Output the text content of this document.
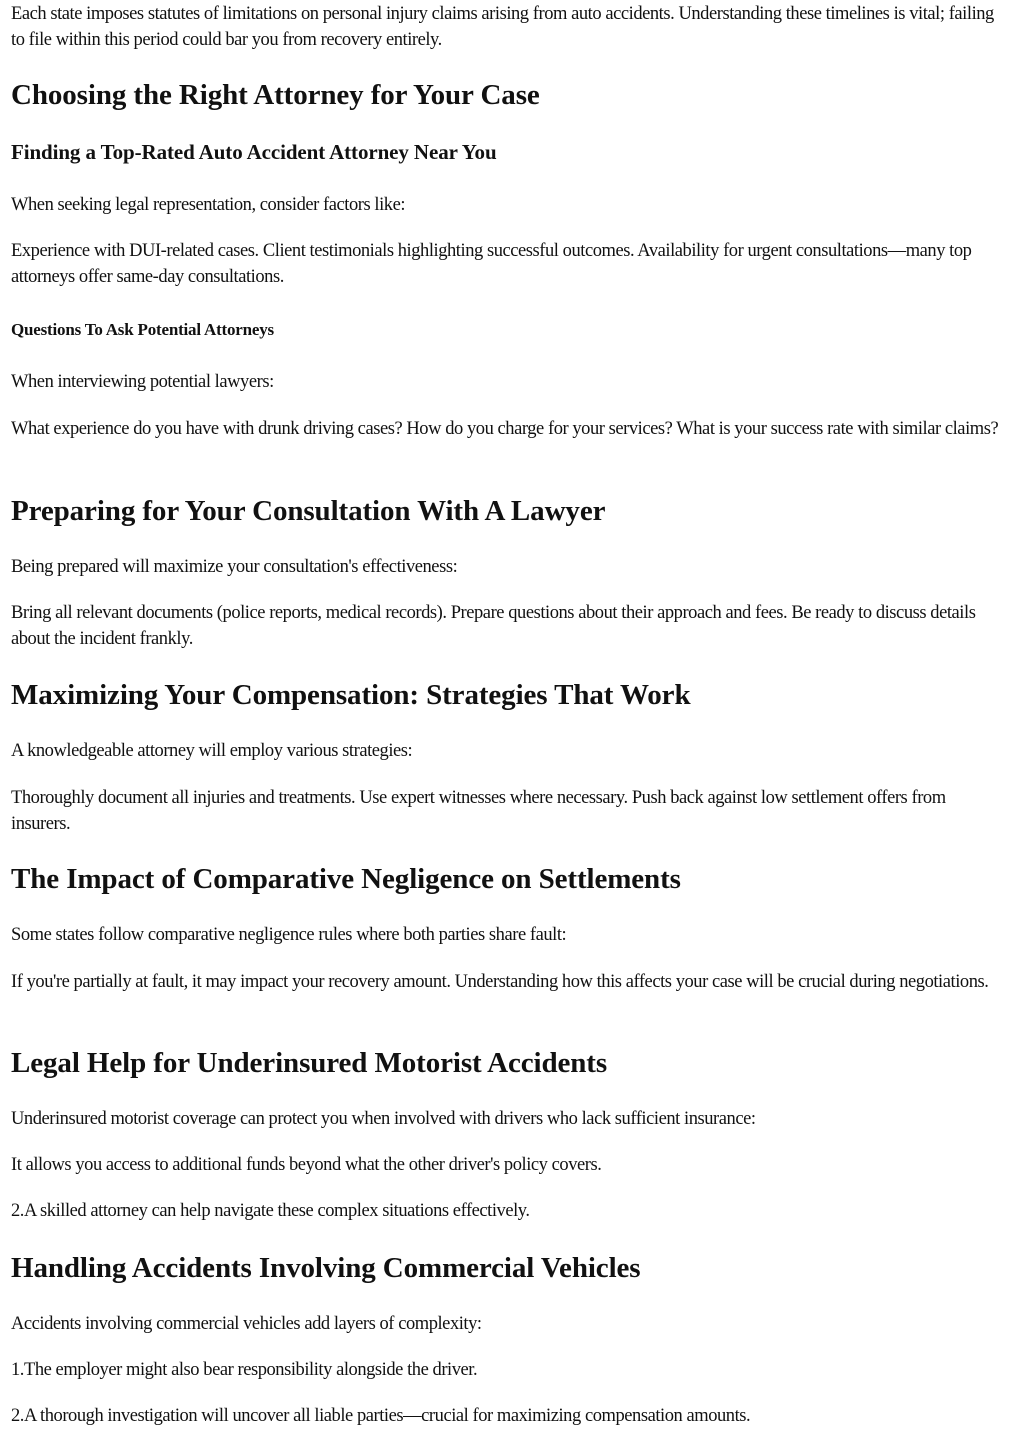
Each state imposes statutes of limitations on personal injury claims arising from auto accidents. Understanding these timelines is vital; failing to file within this period could bar you from recovery entirely.

Choosing the Right Attorney for Your Case
Finding a Top-Rated Auto Accident Attorney Near You

When seeking legal representation, consider factors like:

Experience with DUI-related cases. Client testimonials highlighting successful outcomes. Availability for urgent consultations—many top attorneys offer same-day consultations.

Questions To Ask Potential Attorneys

When interviewing potential lawyers:

What experience do you have with drunk driving cases? How do you charge for your services? What is your success rate with similar claims?

Preparing for Your Consultation With A Lawyer

Being prepared will maximize your consultation's effectiveness:

Bring all relevant documents (police reports, medical records). Prepare questions about their approach and fees. Be ready to discuss details about the incident frankly.

Maximizing Your Compensation: Strategies That Work

A knowledgeable attorney will employ various strategies:

Thoroughly document all injuries and treatments. Use expert witnesses where necessary. Push back against low settlement offers from insurers.

The Impact of Comparative Negligence on Settlements

Some states follow comparative negligence rules where both parties share fault:

If you're partially at fault, it may impact your recovery amount. Understanding how this affects your case will be crucial during negotiations.

Legal Help for Underinsured Motorist Accidents

Underinsured motorist coverage can protect you when involved with drivers who lack sufficient insurance:

It allows you access to additional funds beyond what the other driver's policy covers.

2.A skilled attorney can help navigate these complex situations effectively.

Handling Accidents Involving Commercial Vehicles

Accidents involving commercial vehicles add layers of complexity:

1.The employer might also bear responsibility alongside the driver.

2.A thorough investigation will uncover all liable parties—crucial for maximizing compensation amounts.
